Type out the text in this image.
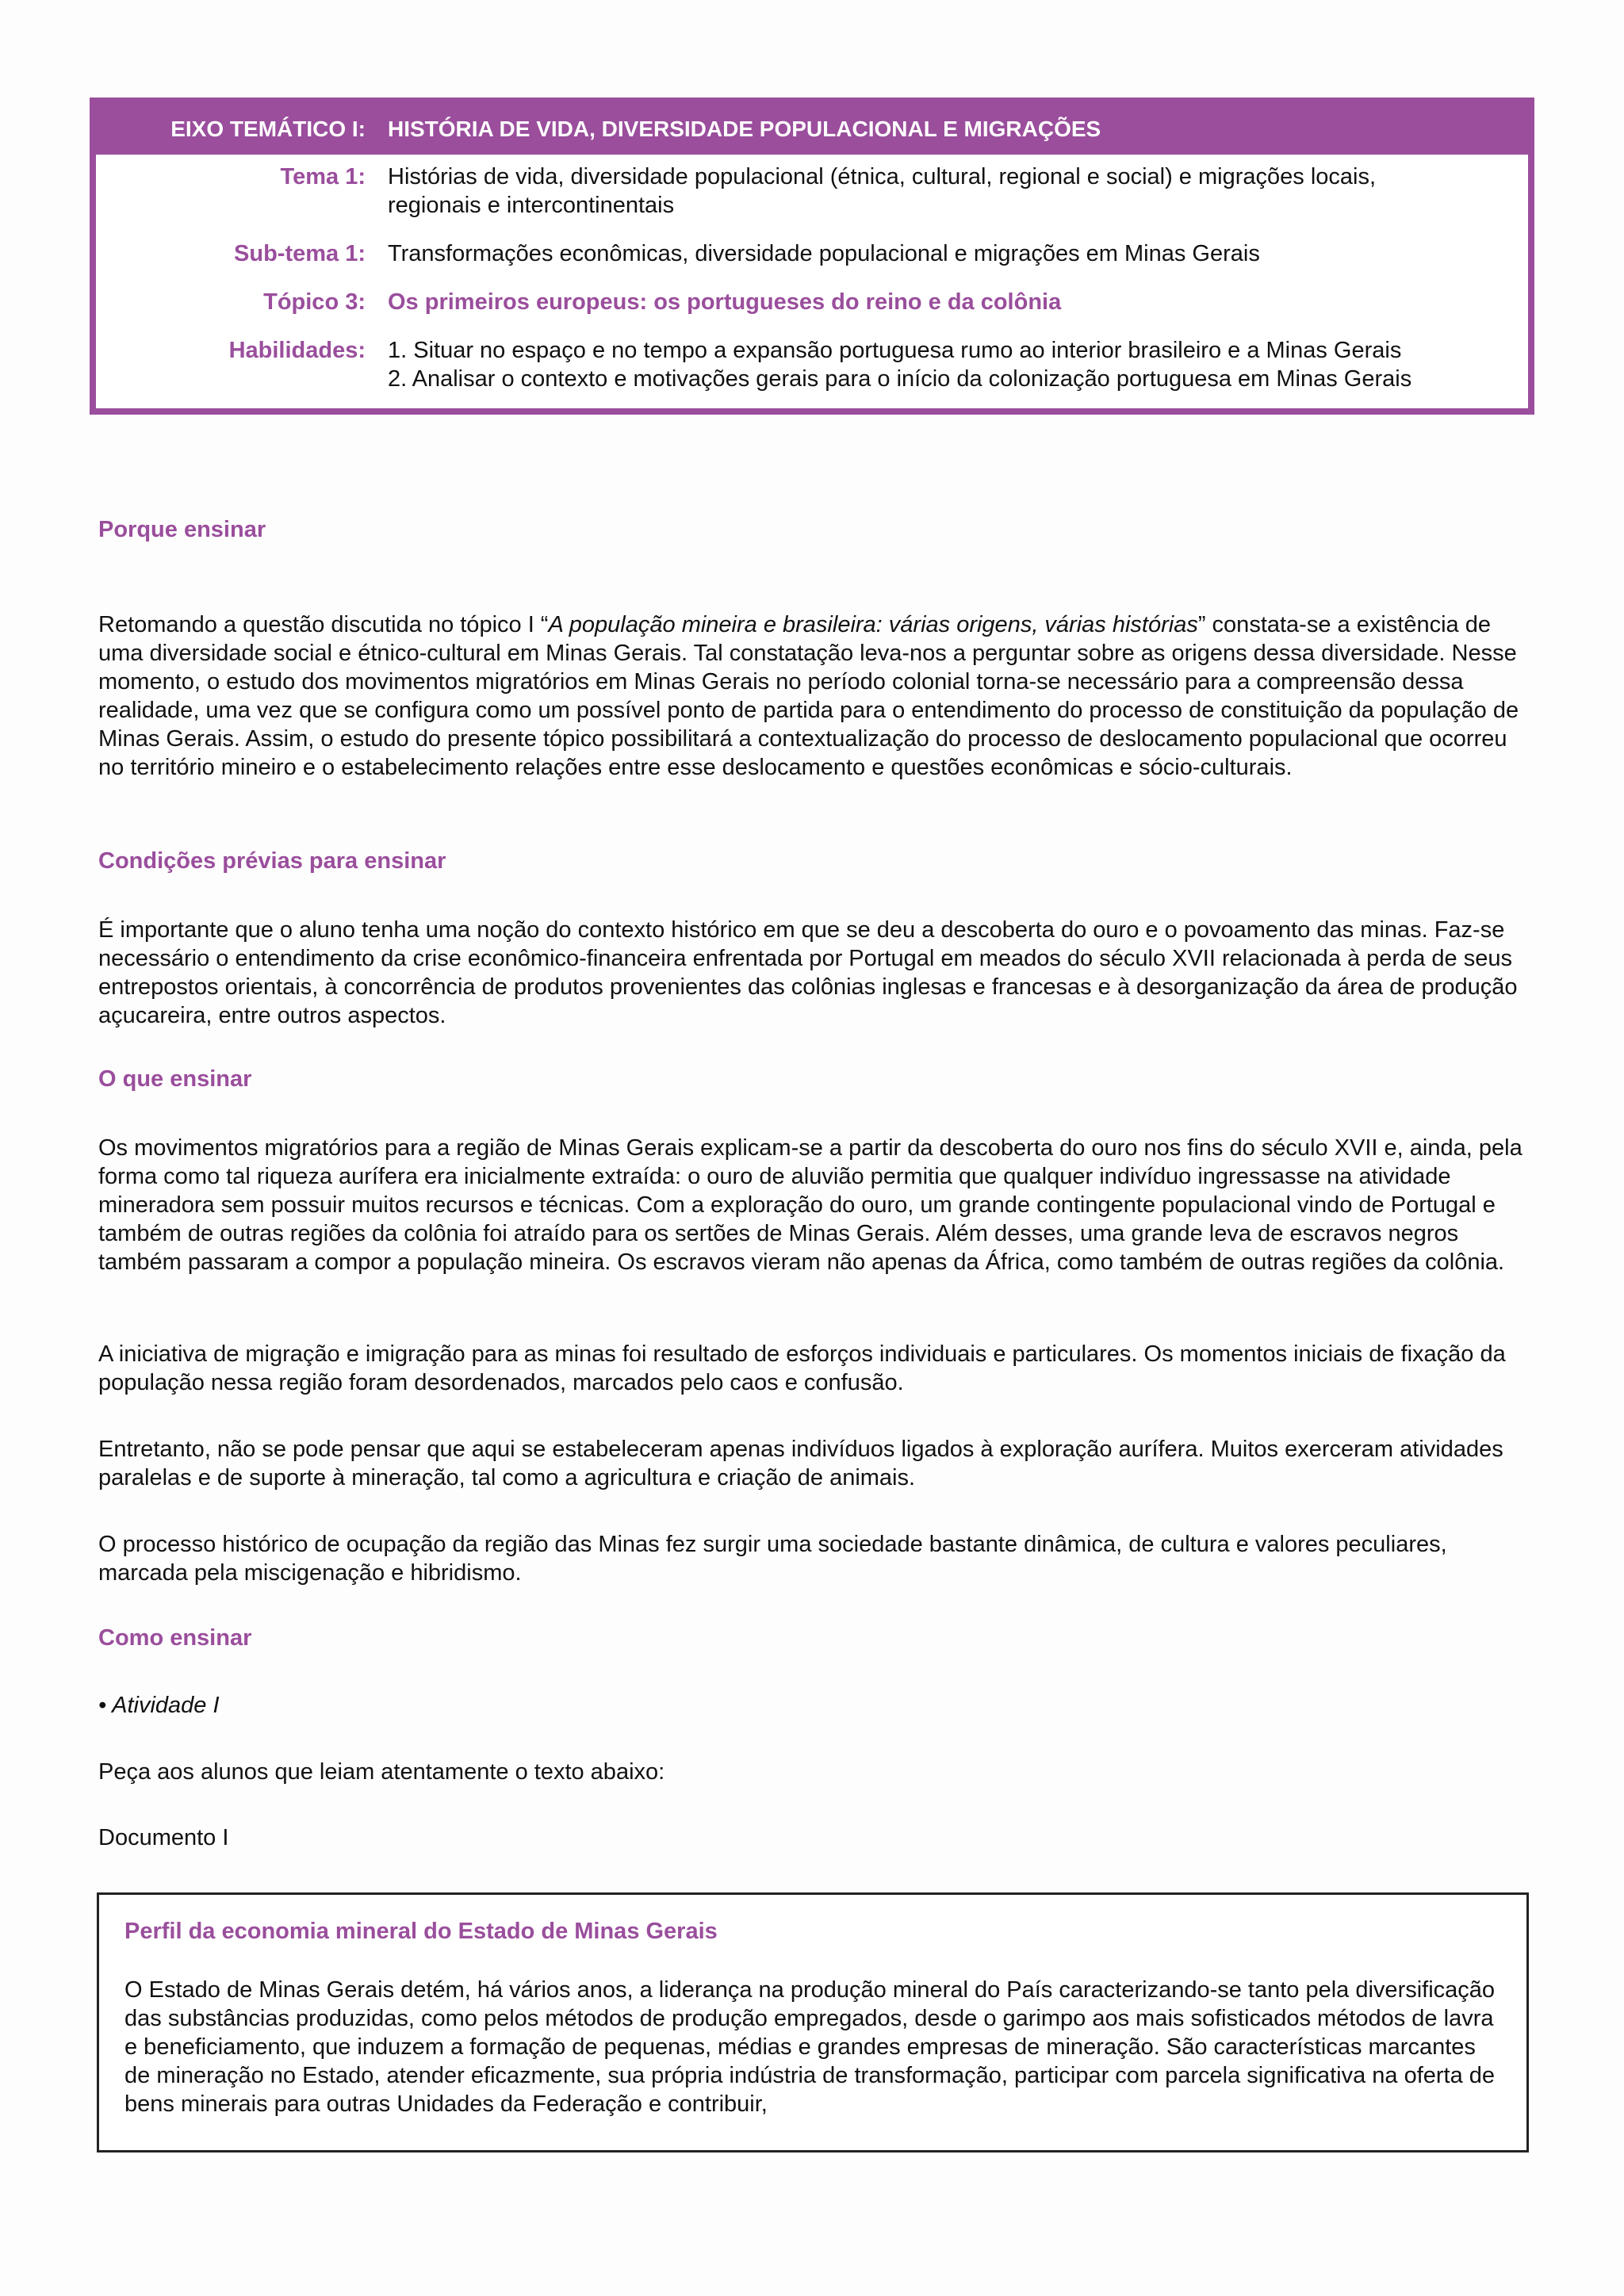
EIXO TEMÁTICO I:	HISTÓRIA DE VIDA, DIVERSIDADE POPULACIONAL E MIGRAÇÕES
Tema 1: Histórias de vida, diversidade populacional (étnica, cultural, regional e social) e migrações locais,
regionais e intercontinentais
Sub-tema 1: Transformações econômicas, diversidade populacional e migrações em Minas Gerais
Tópico 3: Os primeiros europeus: os portugueses do reino e da colônia
Habilidades: 1. Situar no espaço e no tempo a expansão portuguesa rumo ao interior brasileiro e a Minas Gerais
2. Analisar o contexto e motivações gerais para o início da colonização portuguesa em Minas Gerais
Porque ensinar

Retomando a questão discutida no tópico I “A população mineira e brasileira: várias origens, várias histórias” constata-se a existência de uma diversidade social e étnico-cultural em Minas Gerais. Tal constatação leva-nos a perguntar sobre as origens dessa diversidade. Nesse momento, o estudo dos movimentos migratórios em Minas Gerais no período colonial torna-se necessário para a compreensão dessa realidade, uma vez que se configura como um possível ponto de partida para o entendimento do processo de constituição da população de Minas Gerais. Assim, o estudo do presente tópico possibilitará a contextualização do processo de deslocamento populacional que ocorreu no território mineiro e o estabelecimento relações entre esse deslocamento e questões econômicas e sócio-culturais.

Condições prévias para ensinar

É importante que o aluno tenha uma noção do contexto histórico em que se deu a descoberta do ouro e o povoamento das minas. Faz-se necessário o entendimento da crise econômico-financeira enfrentada por Portugal em meados do século XVII relacionada à perda de seus entrepostos orientais, à concorrência de produtos provenientes das colônias inglesas e francesas e à desorganização da área de produção açucareira, entre outros aspectos.

O que ensinar

Os movimentos migratórios para a região de Minas Gerais explicam-se a partir da descoberta do ouro nos fins do século XVII e, ainda, pela forma como tal riqueza aurífera era inicialmente extraída: o ouro de aluvião permitia que qualquer indivíduo ingressasse na atividade mineradora sem possuir muitos recursos e técnicas. Com a exploração do ouro, um grande contingente populacional vindo de Portugal e também de outras regiões da colônia foi atraído para os sertões de Minas Gerais. Além desses, uma grande leva de escravos negros também passaram a compor a população mineira. Os escravos vieram não apenas da África, como também de outras regiões da colônia.

A iniciativa de migração e imigração para as minas foi resultado de esforços individuais e particulares. Os momentos iniciais de fixação da população nessa região foram desordenados, marcados pelo caos e confusão.

Entretanto, não se pode pensar que aqui se estabeleceram apenas indivíduos ligados à exploração aurífera. Muitos exerceram atividades paralelas e de suporte à mineração, tal como a agricultura e criação de animais.

O processo histórico de ocupação da região das Minas fez surgir uma sociedade bastante dinâmica, de cultura e valores peculiares, marcada pela miscigenação e hibridismo.

Como ensinar

• Atividade I

Peça aos alunos que leiam atentamente o texto abaixo:

Documento I

Perfil da economia mineral do Estado de Minas Gerais

O Estado de Minas Gerais detém, há vários anos, a liderança na produção mineral do País caracterizando-se tanto pela diversificação das substâncias produzidas, como pelos métodos de produção empregados, desde o garimpo aos mais sofisticados métodos de lavra e beneficiamento, que induzem a formação de pequenas, médias e grandes empresas de mineração. São características marcantes de mineração no Estado, atender eficazmente, sua própria indústria de transformação, participar com parcela significativa na oferta de bens minerais para outras Unidades da Federação e contribuir,
